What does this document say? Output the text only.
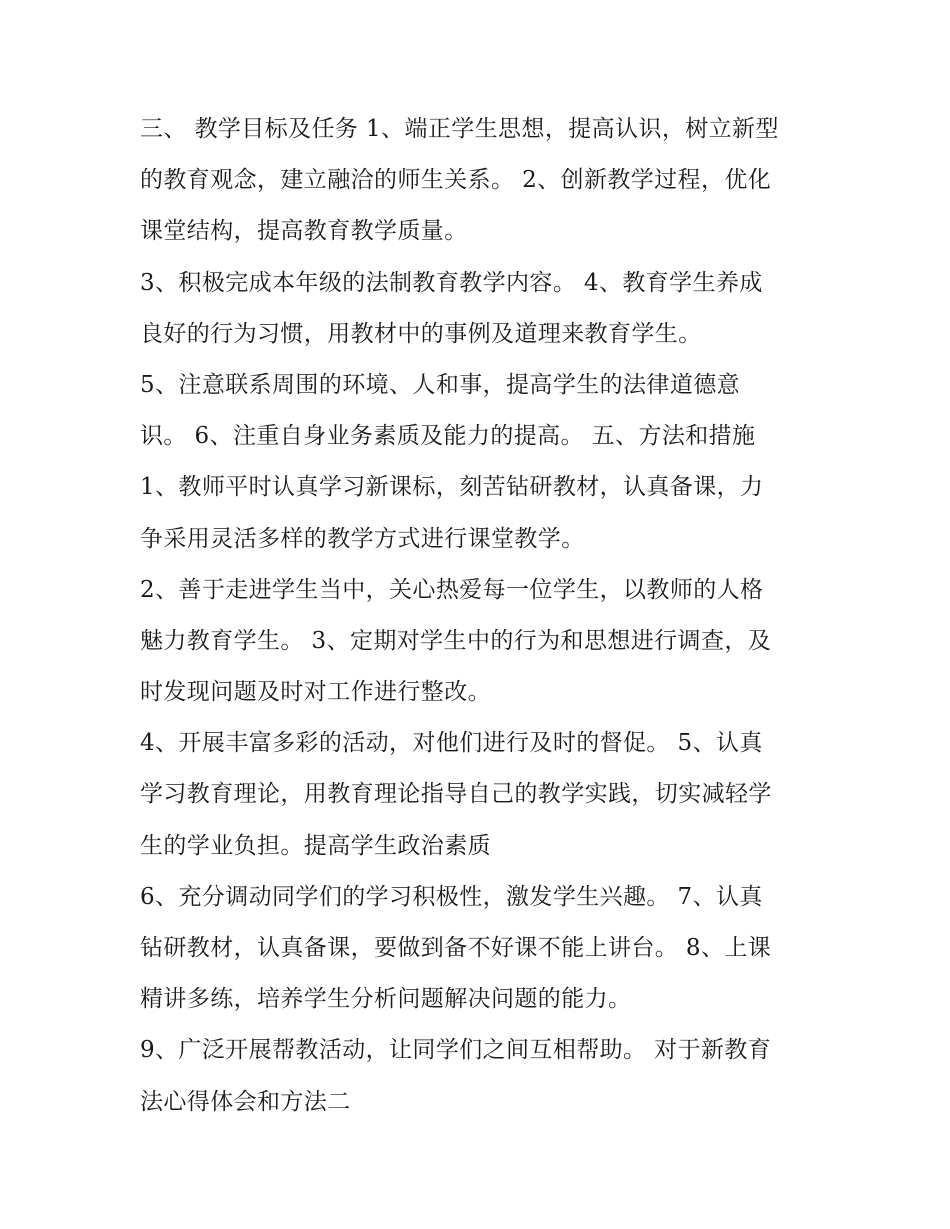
三、 教学目标及任务 1、端正学生思想，提高认识，树立新型
的教育观念，建立融洽的师生关系。 2、创新教学过程，优化
课堂结构，提高教育教学质量。
3、积极完成本年级的法制教育教学内容。 4、教育学生养成
良好的行为习惯，用教材中的事例及道理来教育学生。
5、注意联系周围的环境、人和事，提高学生的法律道德意
识。 6、注重自身业务素质及能力的提高。 五、方法和措施
1、教师平时认真学习新课标，刻苦钻研教材，认真备课，力
争采用灵活多样的教学方式进行课堂教学。
2、善于走进学生当中，关心热爱每一位学生，以教师的人格
魅力教育学生。 3、定期对学生中的行为和思想进行调查，及
时发现问题及时对工作进行整改。
4、开展丰富多彩的活动，对他们进行及时的督促。 5、认真
学习教育理论，用教育理论指导自己的教学实践，切实减轻学
生的学业负担。提高学生政治素质
6、充分调动同学们的学习积极性，激发学生兴趣。 7、认真
钻研教材，认真备课，要做到备不好课不能上讲台。 8、上课
精讲多练，培养学生分析问题解决问题的能力。
9、广泛开展帮教活动，让同学们之间互相帮助。 对于新教育
法心得体会和方法二
